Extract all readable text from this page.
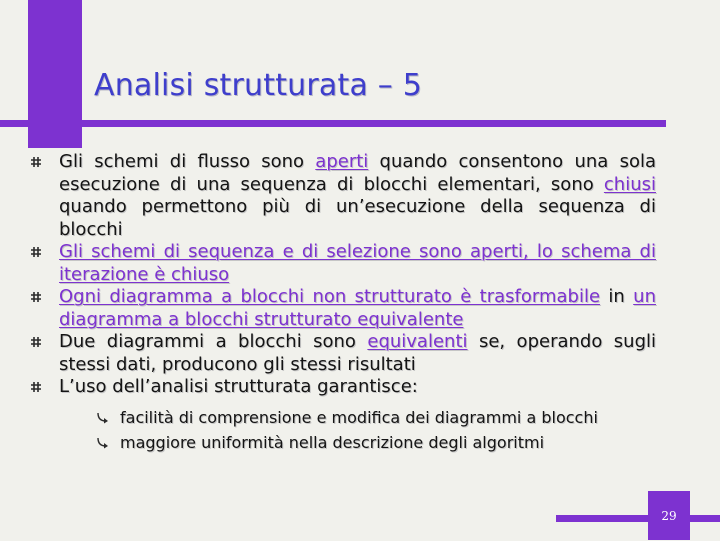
Analisi strutturata – 5
Gli schemi di flusso sono aperti quando consentono una sola esecuzione di una sequenza di blocchi elementari, sono chiusi quando permettono più di un’esecuzione della sequenza di blocchi
Gli schemi di sequenza e di selezione sono aperti, lo schema di iterazione è chiuso
Ogni diagramma a blocchi non strutturato è trasformabile in un diagramma a blocchi strutturato equivalente
Due diagrammi a blocchi sono equivalenti se, operando sugli stessi dati, producono gli stessi risultati
L’uso dell’analisi strutturata garantisce:
facilità di comprensione e modifica dei diagrammi a blocchi
maggiore uniformità nella descrizione degli algoritmi
29
